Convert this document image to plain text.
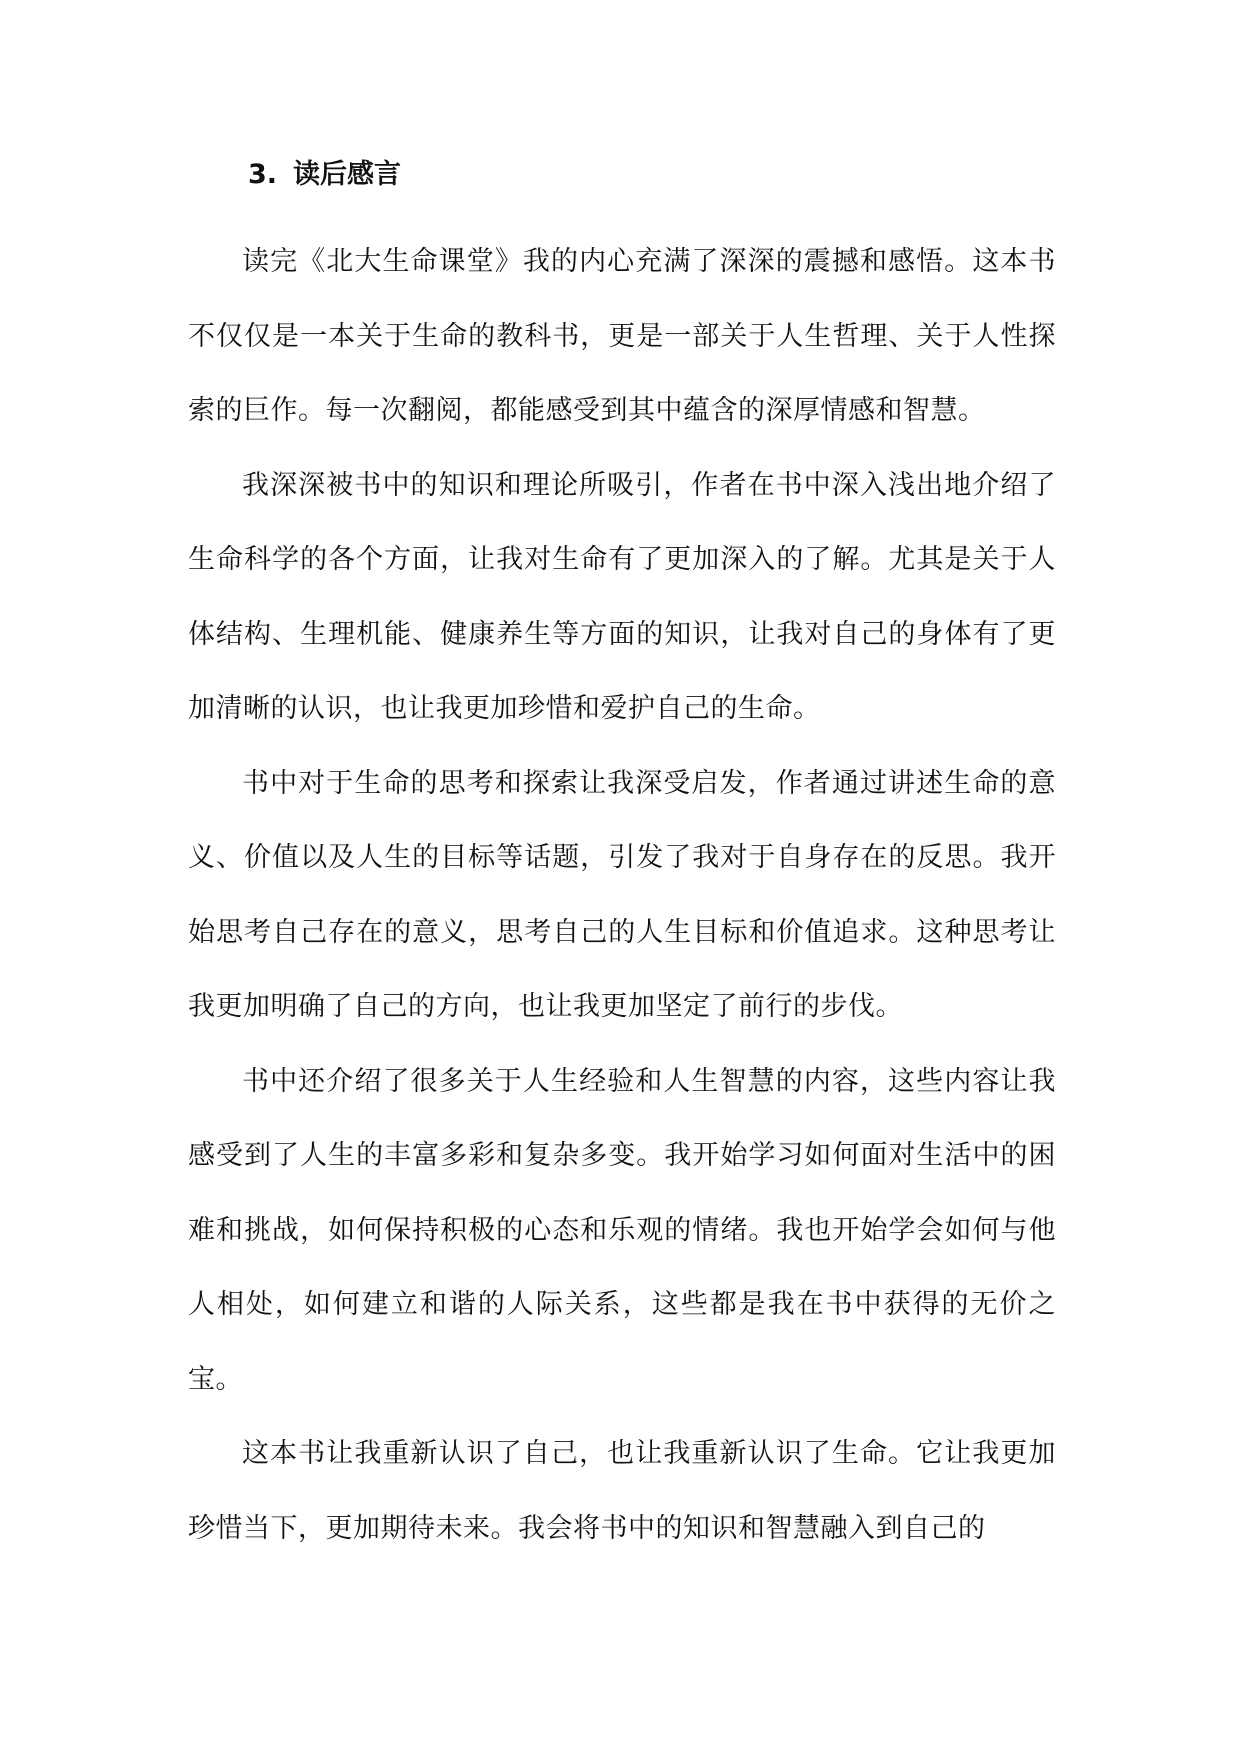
3. 读后感言

读完《北大生命课堂》我的内心充满了深深的震撼和感悟。这本书不仅仅是一本关于生命的教科书，更是一部关于人生哲理、关于人性探索的巨作。每一次翻阅，都能感受到其中蕴含的深厚情感和智慧。

我深深被书中的知识和理论所吸引，作者在书中深入浅出地介绍了生命科学的各个方面，让我对生命有了更加深入的了解。尤其是关于人体结构、生理机能、健康养生等方面的知识，让我对自己的身体有了更加清晰的认识，也让我更加珍惜和爱护自己的生命。

书中对于生命的思考和探索让我深受启发，作者通过讲述生命的意义、价值以及人生的目标等话题，引发了我对于自身存在的反思。我开始思考自己存在的意义，思考自己的人生目标和价值追求。这种思考让我更加明确了自己的方向，也让我更加坚定了前行的步伐。

书中还介绍了很多关于人生经验和人生智慧的内容，这些内容让我感受到了人生的丰富多彩和复杂多变。我开始学习如何面对生活中的困难和挑战，如何保持积极的心态和乐观的情绪。我也开始学会如何与他人相处，如何建立和谐的人际关系，这些都是我在书中获得的无价之宝。

这本书让我重新认识了自己，也让我重新认识了生命。它让我更加珍惜当下，更加期待未来。我会将书中的知识和智慧融入到自己的
